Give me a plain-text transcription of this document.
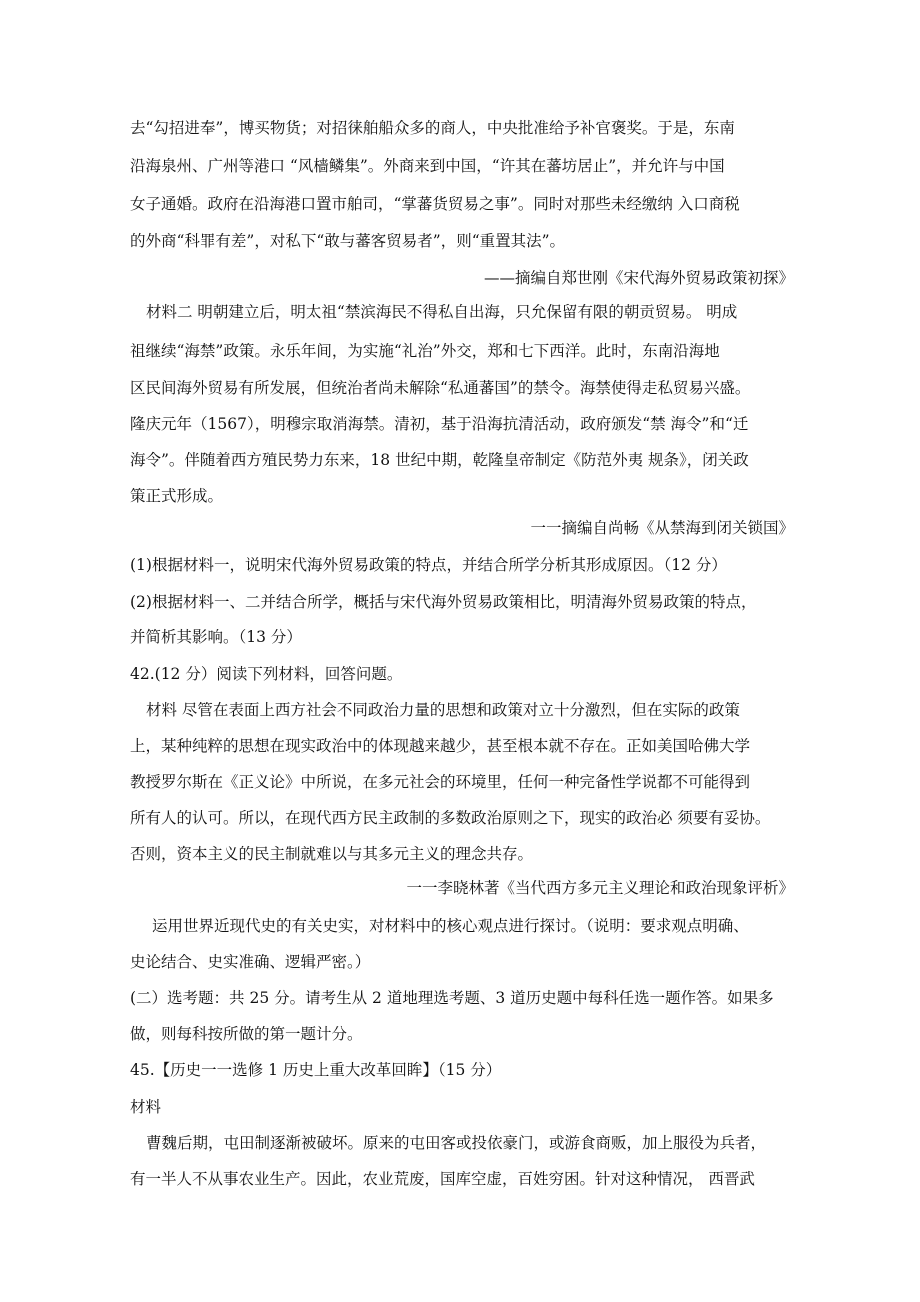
去“勾招进奉”，博买物货；对招徕舶船众多的商人，中央批准给予补官褒奖。于是，东南
沿海泉州、广州等港口 “风樯鳞集”。外商来到中国，“许其在蕃坊居止”，并允许与中国
女子通婚。政府在沿海港口置市舶司，“掌蕃货贸易之事”。同时对那些未经缴纳 入口商税
的外商“科罪有差”，对私下“敢与蕃客贸易者”，则“重置其法”。
——摘编自郑世刚《宋代海外贸易政策初探》
材料二 明朝建立后，明太祖“禁滨海民不得私自出海，只允保留有限的朝贡贸易。 明成
祖继续“海禁”政策。永乐年间，为实施“礼治”外交，郑和七下西洋。此时，东南沿海地
区民间海外贸易有所发展，但统治者尚未解除“私通蕃国”的禁令。海禁使得走私贸易兴盛。
隆庆元年（1567），明穆宗取消海禁。清初，基于沿海抗清活动，政府颁发“禁 海令”和“迁
海令”。伴随着西方殖民势力东来，18 世纪中期，乾隆皇帝制定《防范外夷 规条》，闭关政
策正式形成。
一一摘编自尚畅《从禁海到闭关锁国》
(1)根据材料一，说明宋代海外贸易政策的特点，并结合所学分析其形成原因。（12 分）
(2)根据材料一、二并结合所学，概括与宋代海外贸易政策相比，明清海外贸易政策的特点，
并简析其影响。（13 分）
42.(12 分）阅读下列材料，回答问题。
材料 尽管在表面上西方社会不同政治力量的思想和政策对立十分激烈，但在实际的政策
上，某种纯粹的思想在现实政治中的体现越来越少，甚至根本就不存在。正如美国哈佛大学
教授罗尔斯在《正义论》中所说，在多元社会的环境里，任何一种完备性学说都不可能得到
所有人的认可。所以，在现代西方民主政制的多数政治原则之下，现实的政治必 须要有妥协。
否则，资本主义的民主制就难以与其多元主义的理念共存。
一一李晓林著《当代西方多元主义理论和政治现象评析》
运用世界近现代史的有关史实，对材料中的核心观点进行探讨。（说明：要求观点明确、
史论结合、史实准确、逻辑严密。）
(二）选考题：共 25 分。请考生从 2 道地理选考题、3 道历史题中每科任选一题作答。如果多
做，则每科按所做的第一题计分。
45.【历史一一选修 1 历史上重大改革回眸】（15 分）
材料
曹魏后期，屯田制逐渐被破坏。原来的屯田客或投依豪门，或游食商贩，加上服役为兵者，
有一半人不从事农业生产。因此，农业荒废，国库空虚，百姓穷困。针对这种情况， 西晋武
